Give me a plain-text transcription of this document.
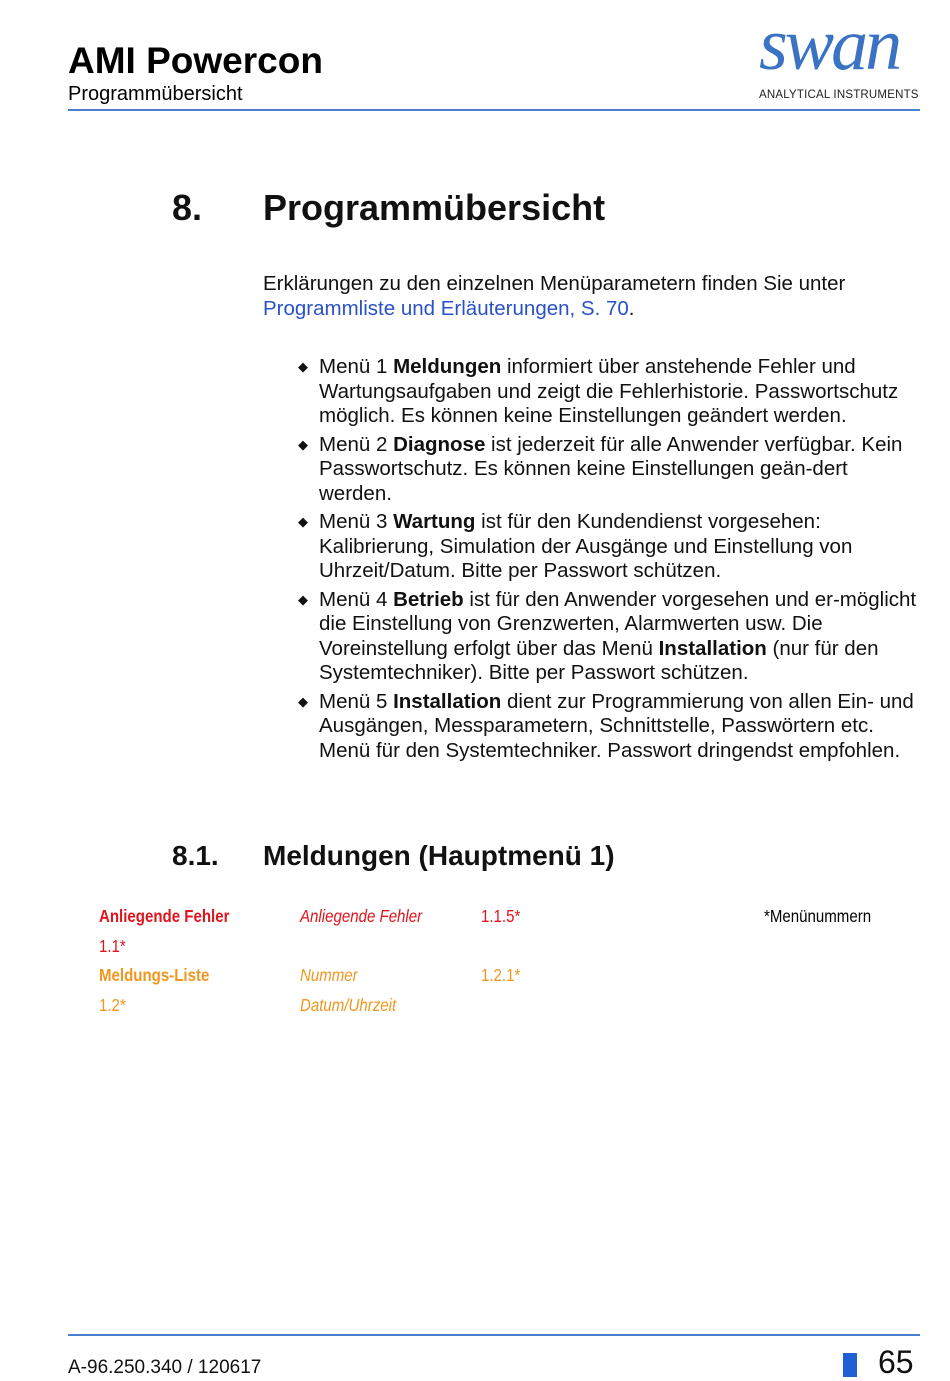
AMI Powercon
Programmübersicht
swan
ANALYTICAL INSTRUMENTS
8. Programmübersicht
Erklärungen zu den einzelnen Menüparametern finden Sie unter
Programmliste und Erläuterungen, S. 70.
◆ Menü 1 Meldungen informiert über anstehende Fehler und Wartungsaufgaben und zeigt die Fehlerhistorie. Passwortschutz möglich. Es können keine Einstellungen geändert werden.
◆ Menü 2 Diagnose ist jederzeit für alle Anwender verfügbar. Kein Passwortschutz. Es können keine Einstellungen geän-dert werden.
◆ Menü 3 Wartung ist für den Kundendienst vorgesehen: Kalibrierung, Simulation der Ausgänge und Einstellung von Uhrzeit/Datum. Bitte per Passwort schützen.
◆ Menü 4 Betrieb ist für den Anwender vorgesehen und er-möglicht die Einstellung von Grenzwerten, Alarmwerten usw. Die Voreinstellung erfolgt über das Menü Installation (nur für den Systemtechniker). Bitte per Passwort schützen.
◆ Menü 5 Installation dient zur Programmierung von allen Ein- und Ausgängen, Messparametern, Schnittstelle, Passwörtern etc. Menü für den Systemtechniker. Passwort dringendst empfohlen.
8.1. Meldungen (Hauptmenü 1)
Anliegende Fehler	Anliegende Fehler	1.1.5*	*Menünummern
1.1*
Meldungs-Liste	Nummer	1.2.1*
1.2*	Datum/Uhrzeit
A-96.250.340 / 120617	65
